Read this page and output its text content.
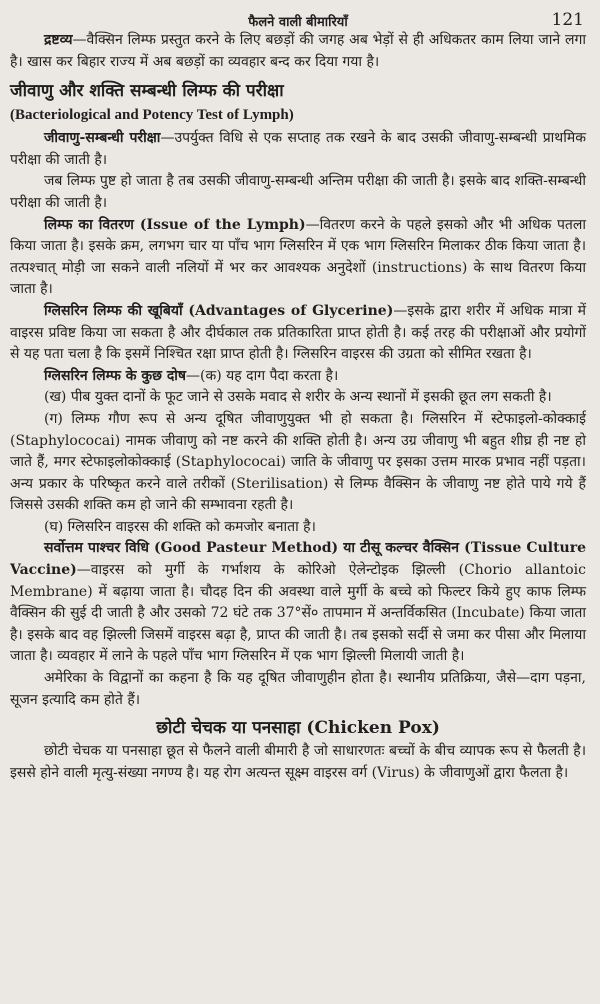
फैलने वाली बीमारियाँ	121

द्रष्टव्य—वैक्सिन लिम्फ प्रस्तुत करने के लिए बछड़ों की जगह अब भेड़ों से ही अधिकतर काम लिया जाने लगा है। खास कर बिहार राज्य में अब बछड़ों का व्यवहार बन्द कर दिया गया है।

जीवाणु और शक्ति सम्बन्धी लिम्फ की परीक्षा
(Bacteriological and Potency Test of Lymph)

जीवाणु-सम्बन्धी परीक्षा—उपर्युक्त विधि से एक सप्ताह तक रखने के बाद उसकी जीवाणु-सम्बन्धी प्राथमिक परीक्षा की जाती है।

जब लिम्फ पुष्ट हो जाता है तब उसकी जीवाणु-सम्बन्धी अन्तिम परीक्षा की जाती है। इसके बाद शक्ति-सम्बन्धी परीक्षा की जाती है।

लिम्फ का वितरण (Issue of the Lymph)—वितरण करने के पहले इसको और भी अधिक पतला किया जाता है। इसके क्रम, लगभग चार या पाँच भाग ग्लिसरिन में एक भाग ग्लिसरिन मिलाकर ठीक किया जाता है। तत्पश्चात् मोड़ी जा सकने वाली नलियों में भर कर आवश्यक अनुदेशों (instructions) के साथ वितरण किया जाता है।

ग्लिसरिन लिम्फ की खूबियाँ (Advantages of Glycerine)—इसके द्वारा शरीर में अधिक मात्रा में वाइरस प्रविष्ट किया जा सकता है और दीर्घकाल तक प्रतिकारिता प्राप्त होती है। कई तरह की परीक्षाओं और प्रयोगों से यह पता चला है कि इसमें निश्चित रक्षा प्राप्त होती है। ग्लिसरिन वाइरस की उग्रता को सीमित रखता है।

ग्लिसरिन लिम्फ के कुछ दोष—(क) यह दाग पैदा करता है।

(ख) पीब युक्त दानों के फूट जाने से उसके मवाद से शरीर के अन्य स्थानों में इसकी छूत लग सकती है।

(ग) लिम्फ गौण रूप से अन्य दूषित जीवाणुयुक्त भी हो सकता है। ग्लिसरिन में स्टेफाइलो-कोक्काई (Staphylococai) नामक जीवाणु को नष्ट करने की शक्ति होती है। अन्य उग्र जीवाणु भी बहुत शीघ्र ही नष्ट हो जाते हैं, मगर स्टेफाइलोकोक्काई (Staphylococai) जाति के जीवाणु पर इसका उत्तम मारक प्रभाव नहीं पड़ता। अन्य प्रकार के परिष्कृत करने वाले तरीकों (Sterilisation) से लिम्फ वैक्सिन के जीवाणु नष्ट होते पाये गये हैं जिससे उसकी शक्ति कम हो जाने की सम्भावना रहती है।

(घ) ग्लिसरिन वाइरस की शक्ति को कमजोर बनाता है।

सर्वोत्तम पाश्चर विधि (Good Pasteur Method) या टीसू कल्चर वैक्सिन (Tissue Culture Vaccine)—वाइरस को मुर्गी के गर्भाशय के कोरिओ ऐलेन्टोइक झिल्ली (Chorio allantoic Membrane) में बढ़ाया जाता है। चौदह दिन की अवस्था वाले मुर्गी के बच्चे को फिल्टर किये हुए काफ लिम्फ वैक्सिन की सुई दी जाती है और उसको 72 घंटे तक 37°सें० तापमान में अन्तर्विकसित (Incubate) किया जाता है। इसके बाद वह झिल्ली जिसमें वाइरस बढ़ा है, प्राप्त की जाती है। तब इसको सर्दी से जमा कर पीसा और मिलाया जाता है। व्यवहार में लाने के पहले पाँच भाग ग्लिसरिन में एक भाग झिल्ली मिलायी जाती है।

अमेरिका के विद्वानों का कहना है कि यह दूषित जीवाणुहीन होता है। स्थानीय प्रतिक्रिया, जैसे—दाग पड़ना, सूजन इत्यादि कम होते हैं।

छोटी चेचक या पनसाहा (Chicken Pox)

छोटी चेचक या पनसाहा छूत से फैलने वाली बीमारी है जो साधारणतः बच्चों के बीच व्यापक रूप से फैलती है। इससे होने वाली मृत्यु-संख्या नगण्य है। यह रोग अत्यन्त सूक्ष्म वाइरस वर्ग (Virus) के जीवाणुओं द्वारा फैलता है।
